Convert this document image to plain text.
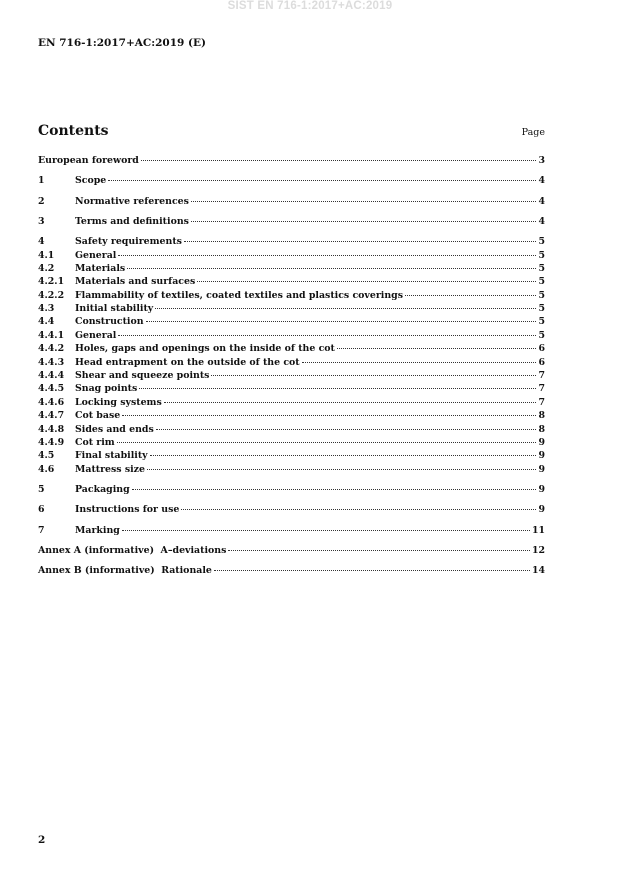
SIST EN 716-1:2017+AC:2019
EN 716-1:2017+AC:2019 (E)
Contents	Page
European foreword	3
1	Scope	4
2	Normative references	4
3	Terms and definitions	4
4	Safety requirements	5
4.1	General	5
4.2	Materials	5
4.2.1	Materials and surfaces	5
4.2.2	Flammability of textiles, coated textiles and plastics coverings	5
4.3	Initial stability	5
4.4	Construction	5
4.4.1	General	5
4.4.2	Holes, gaps and openings on the inside of the cot	6
4.4.3	Head entrapment on the outside of the cot	6
4.4.4	Shear and squeeze points	7
4.4.5	Snag points	7
4.4.6	Locking systems	7
4.4.7	Cot base	8
4.4.8	Sides and ends	8
4.4.9	Cot rim	9
4.5	Final stability	9
4.6	Mattress size	9
5	Packaging	9
6	Instructions for use	9
7	Marking	11
Annex A (informative)  A–deviations	12
Annex B (informative)  Rationale	14
2
